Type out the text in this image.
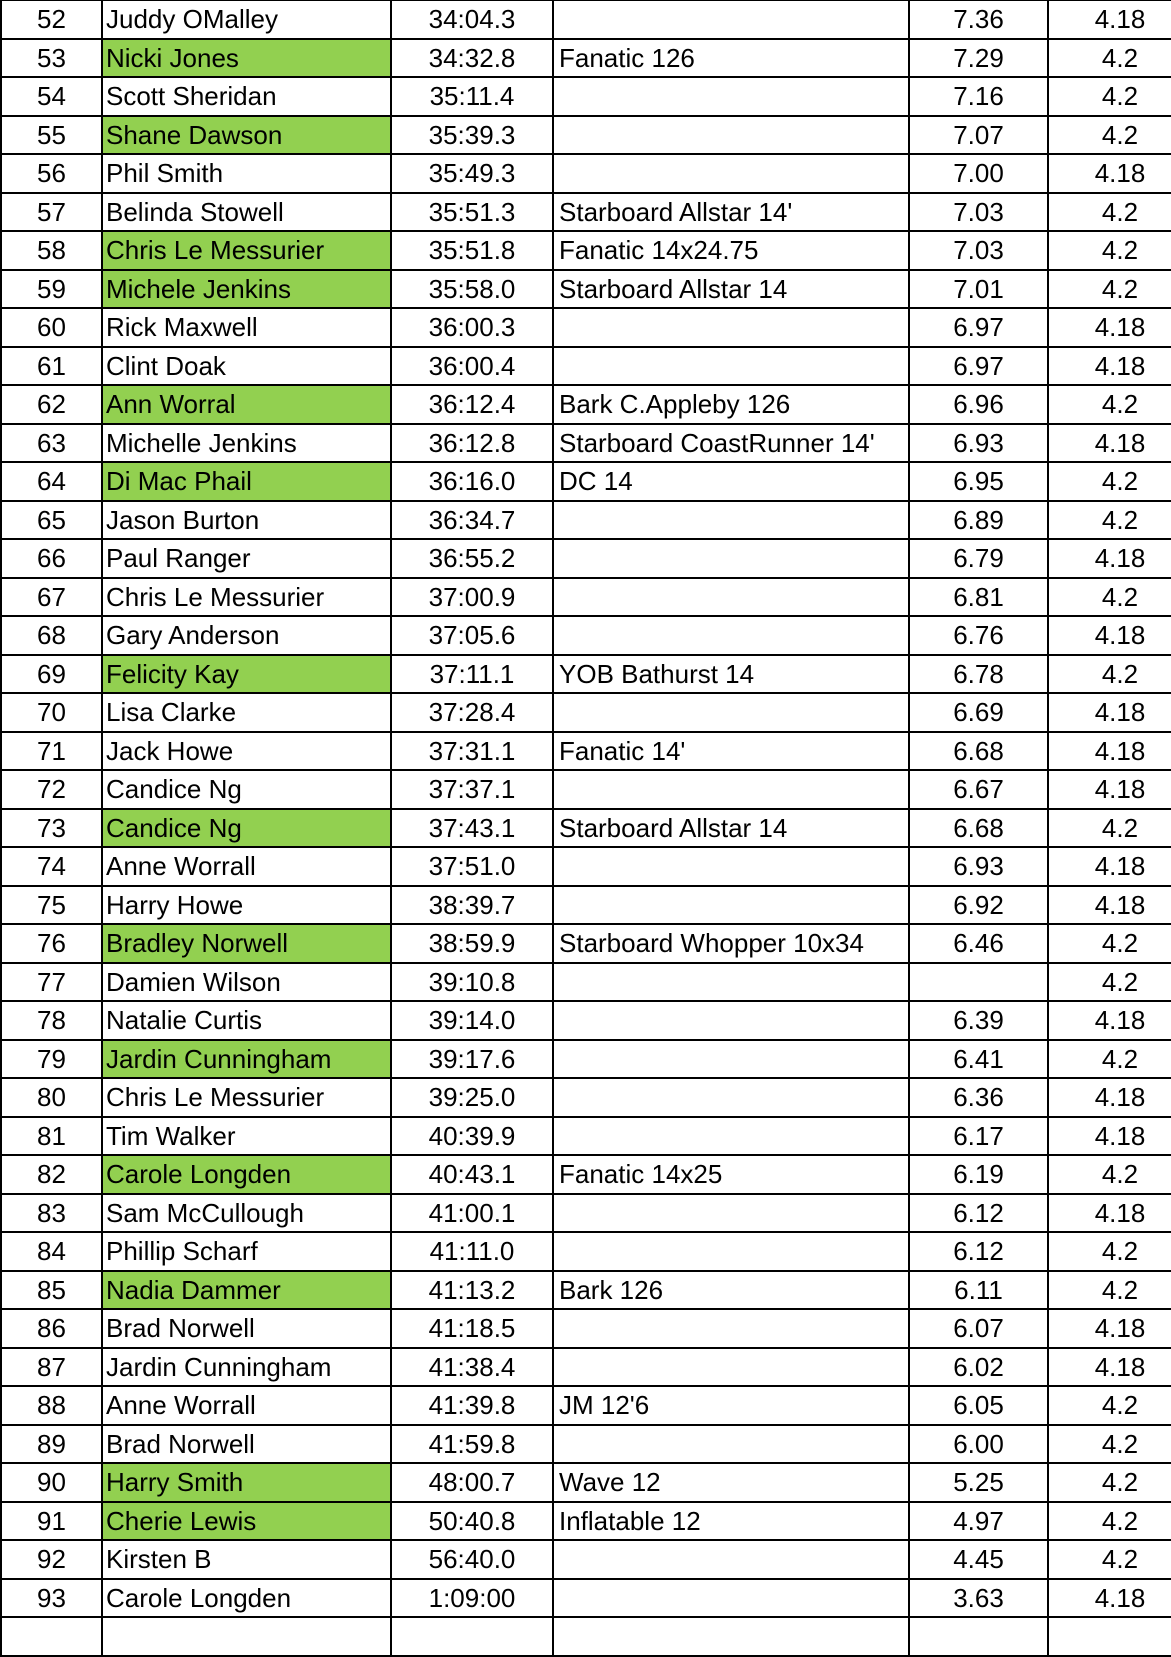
52	Juddy OMalley	34:04.3		7.36	4.18
53	Nicki Jones	34:32.8	Fanatic 126	7.29	4.2
54	Scott Sheridan	35:11.4		7.16	4.2
55	Shane Dawson	35:39.3		7.07	4.2
56	Phil Smith	35:49.3		7.00	4.18
57	Belinda Stowell	35:51.3	Starboard Allstar 14'	7.03	4.2
58	Chris Le Messurier	35:51.8	Fanatic 14x24.75	7.03	4.2
59	Michele Jenkins	35:58.0	Starboard Allstar 14	7.01	4.2
60	Rick Maxwell	36:00.3		6.97	4.18
61	Clint Doak	36:00.4		6.97	4.18
62	Ann Worral	36:12.4	Bark C.Appleby 126	6.96	4.2
63	Michelle Jenkins	36:12.8	Starboard CoastRunner 14'	6.93	4.18
64	Di Mac Phail	36:16.0	DC 14	6.95	4.2
65	Jason Burton	36:34.7		6.89	4.2
66	Paul Ranger	36:55.2		6.79	4.18
67	Chris Le Messurier	37:00.9		6.81	4.2
68	Gary Anderson	37:05.6		6.76	4.18
69	Felicity Kay	37:11.1	YOB Bathurst 14	6.78	4.2
70	Lisa Clarke	37:28.4		6.69	4.18
71	Jack Howe	37:31.1	Fanatic 14'	6.68	4.18
72	Candice Ng	37:37.1		6.67	4.18
73	Candice Ng	37:43.1	Starboard Allstar 14	6.68	4.2
74	Anne Worrall	37:51.0		6.93	4.18
75	Harry Howe	38:39.7		6.92	4.18
76	Bradley Norwell	38:59.9	Starboard Whopper 10x34	6.46	4.2
77	Damien Wilson	39:10.8			4.2
78	Natalie Curtis	39:14.0		6.39	4.18
79	Jardin Cunningham	39:17.6		6.41	4.2
80	Chris Le Messurier	39:25.0		6.36	4.18
81	Tim Walker	40:39.9		6.17	4.18
82	Carole Longden	40:43.1	Fanatic 14x25	6.19	4.2
83	Sam McCullough	41:00.1		6.12	4.18
84	Phillip Scharf	41:11.0		6.12	4.2
85	Nadia Dammer	41:13.2	Bark 126	6.11	4.2
86	Brad Norwell	41:18.5		6.07	4.18
87	Jardin Cunningham	41:38.4		6.02	4.18
88	Anne Worrall	41:39.8	JM 12'6	6.05	4.2
89	Brad Norwell	41:59.8		6.00	4.2
90	Harry Smith	48:00.7	Wave 12	5.25	4.2
91	Cherie Lewis	50:40.8	Inflatable 12	4.97	4.2
92	Kirsten B	56:40.0		4.45	4.2
93	Carole Longden	1:09:00		3.63	4.18
